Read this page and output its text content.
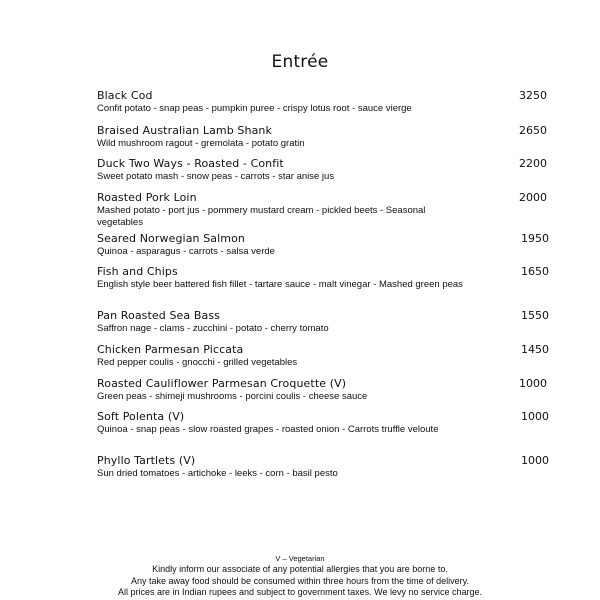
Entrée
Black Cod
Confit potato - snap peas - pumpkin puree - crispy lotus root - sauce vierge
3250
Braised Australian Lamb Shank
Wild mushroom ragout - gremolata - potato gratin
2650
Duck Two Ways - Roasted - Confit
Sweet potato mash - snow peas - carrots - star anise jus
2200
Roasted Pork Loin
Mashed potato - port jus - pommery mustard cream - pickled beets - Seasonal vegetables
2000
Seared Norwegian Salmon
Quinoa - asparagus - carrots - salsa verde
1950
Fish and Chips
English style beer battered fish fillet - tartare sauce - malt vinegar - Mashed green peas
1650
Pan Roasted Sea Bass
Saffron nage - clams - zucchini - potato - cherry tomato
1550
Chicken Parmesan Piccata
Red pepper coulis - gnocchi - grilled vegetables
1450
Roasted Cauliflower Parmesan Croquette (V)
Green peas - shimeji mushrooms - porcini coulis - cheese sauce
1000
Soft Polenta (V)
Quinoa - snap peas - slow roasted grapes - roasted onion - Carrots truffle veloute
1000
Phyllo Tartlets (V)
Sun dried tomatoes - artichoke - leeks - corn - basil pesto
1000
V – Vegetarian
Kindly inform our associate of any potential allergies that you are borne to.
Any take away food should be consumed within three hours from the time of delivery.
All prices are in Indian rupees and subject to government taxes. We levy no service charge.
